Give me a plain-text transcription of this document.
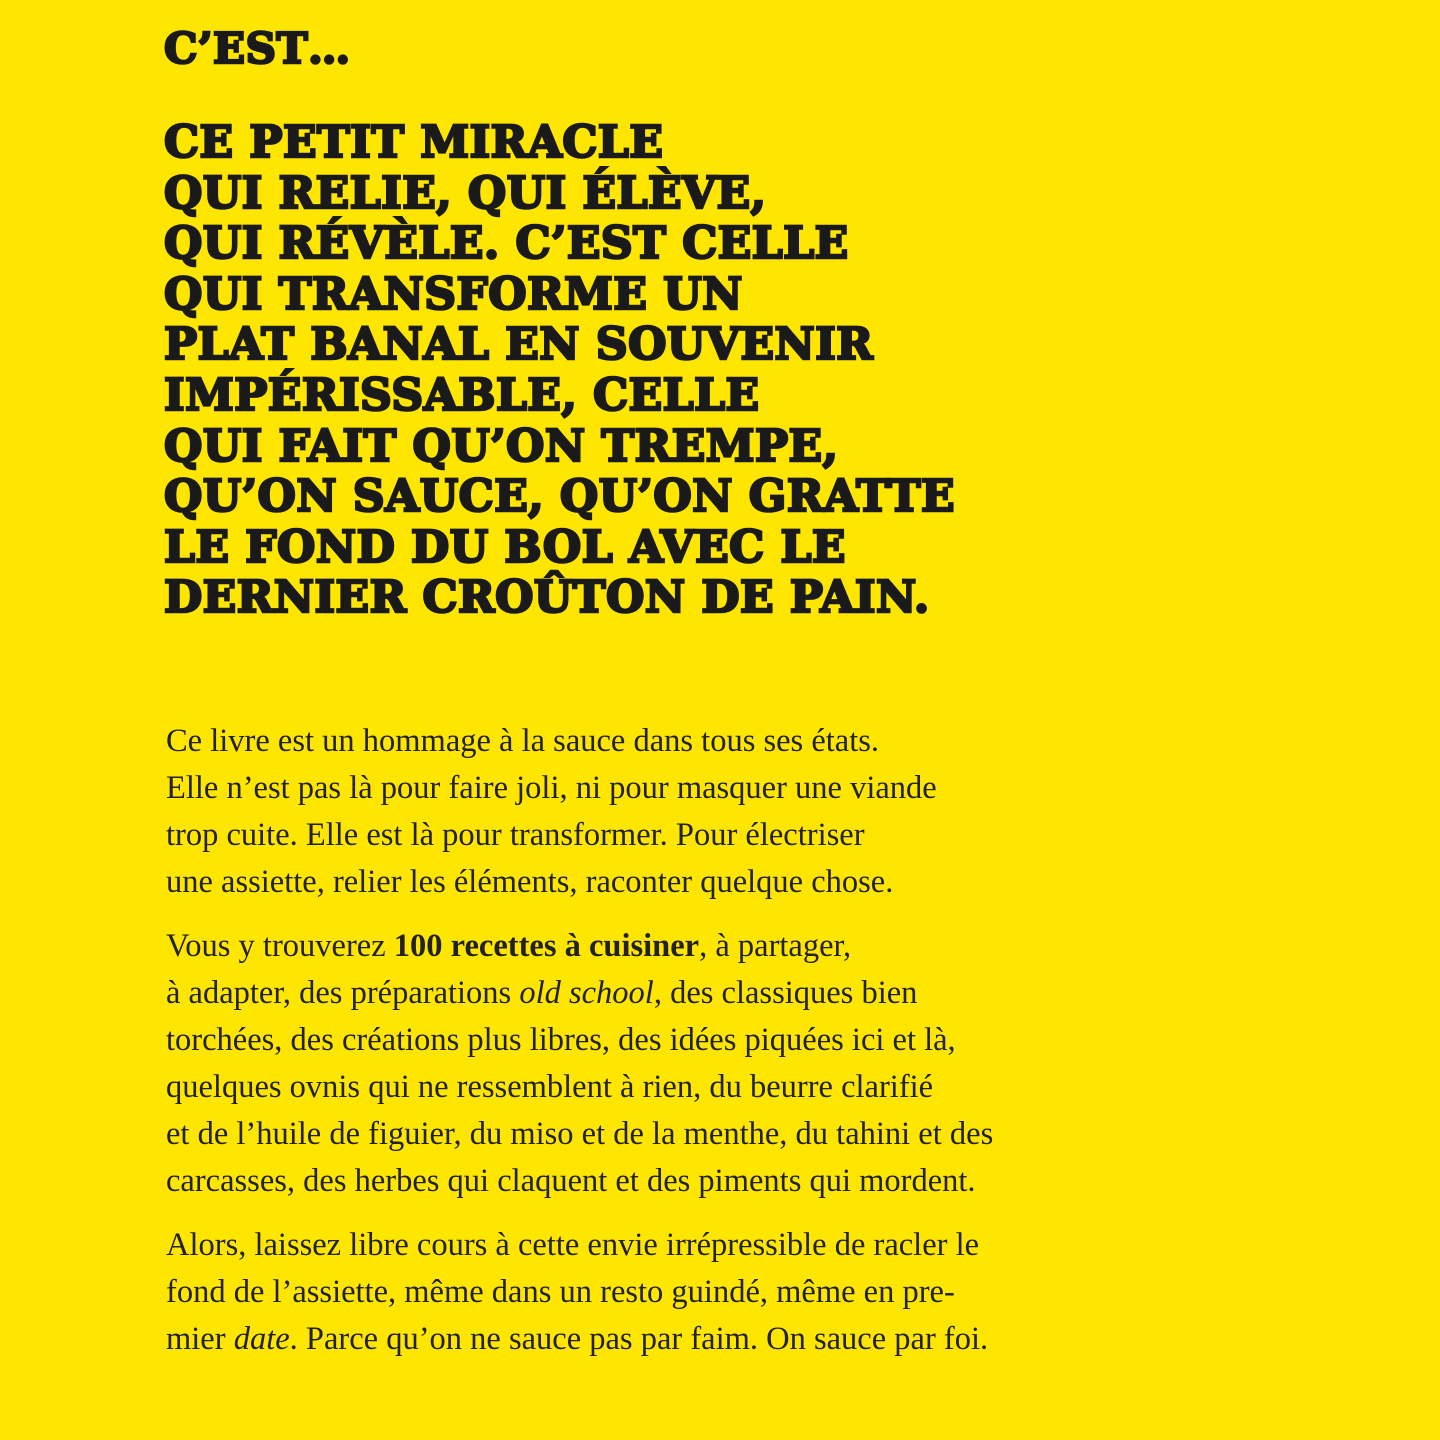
C’EST…

CE PETIT MIRACLE
QUI RELIE, QUI ÉLÈVE,
QUI RÉVÈLE. C’EST CELLE
QUI TRANSFORME UN
PLAT BANAL EN SOUVENIR
IMPÉRISSABLE, CELLE
QUI FAIT QU’ON TREMPE,
QU’ON SAUCE, QU’ON GRATTE
LE FOND DU BOL AVEC LE
DERNIER CROÛTON DE PAIN.

Ce livre est un hommage à la sauce dans tous ses états.
Elle n’est pas là pour faire joli, ni pour masquer une viande
trop cuite. Elle est là pour transformer. Pour électriser
une assiette, relier les éléments, raconter quelque chose.

Vous y trouverez 100 recettes à cuisiner, à partager,
à adapter, des préparations old school, des classiques bien
torchées, des créations plus libres, des idées piquées ici et là,
quelques ovnis qui ne ressemblent à rien, du beurre clarifié
et de l’huile de figuier, du miso et de la menthe, du tahini et des
carcasses, des herbes qui claquent et des piments qui mordent.

Alors, laissez libre cours à cette envie irrépressible de racler le
fond de l’assiette, même dans un resto guindé, même en pre-
mier date. Parce qu’on ne sauce pas par faim. On sauce par foi.
